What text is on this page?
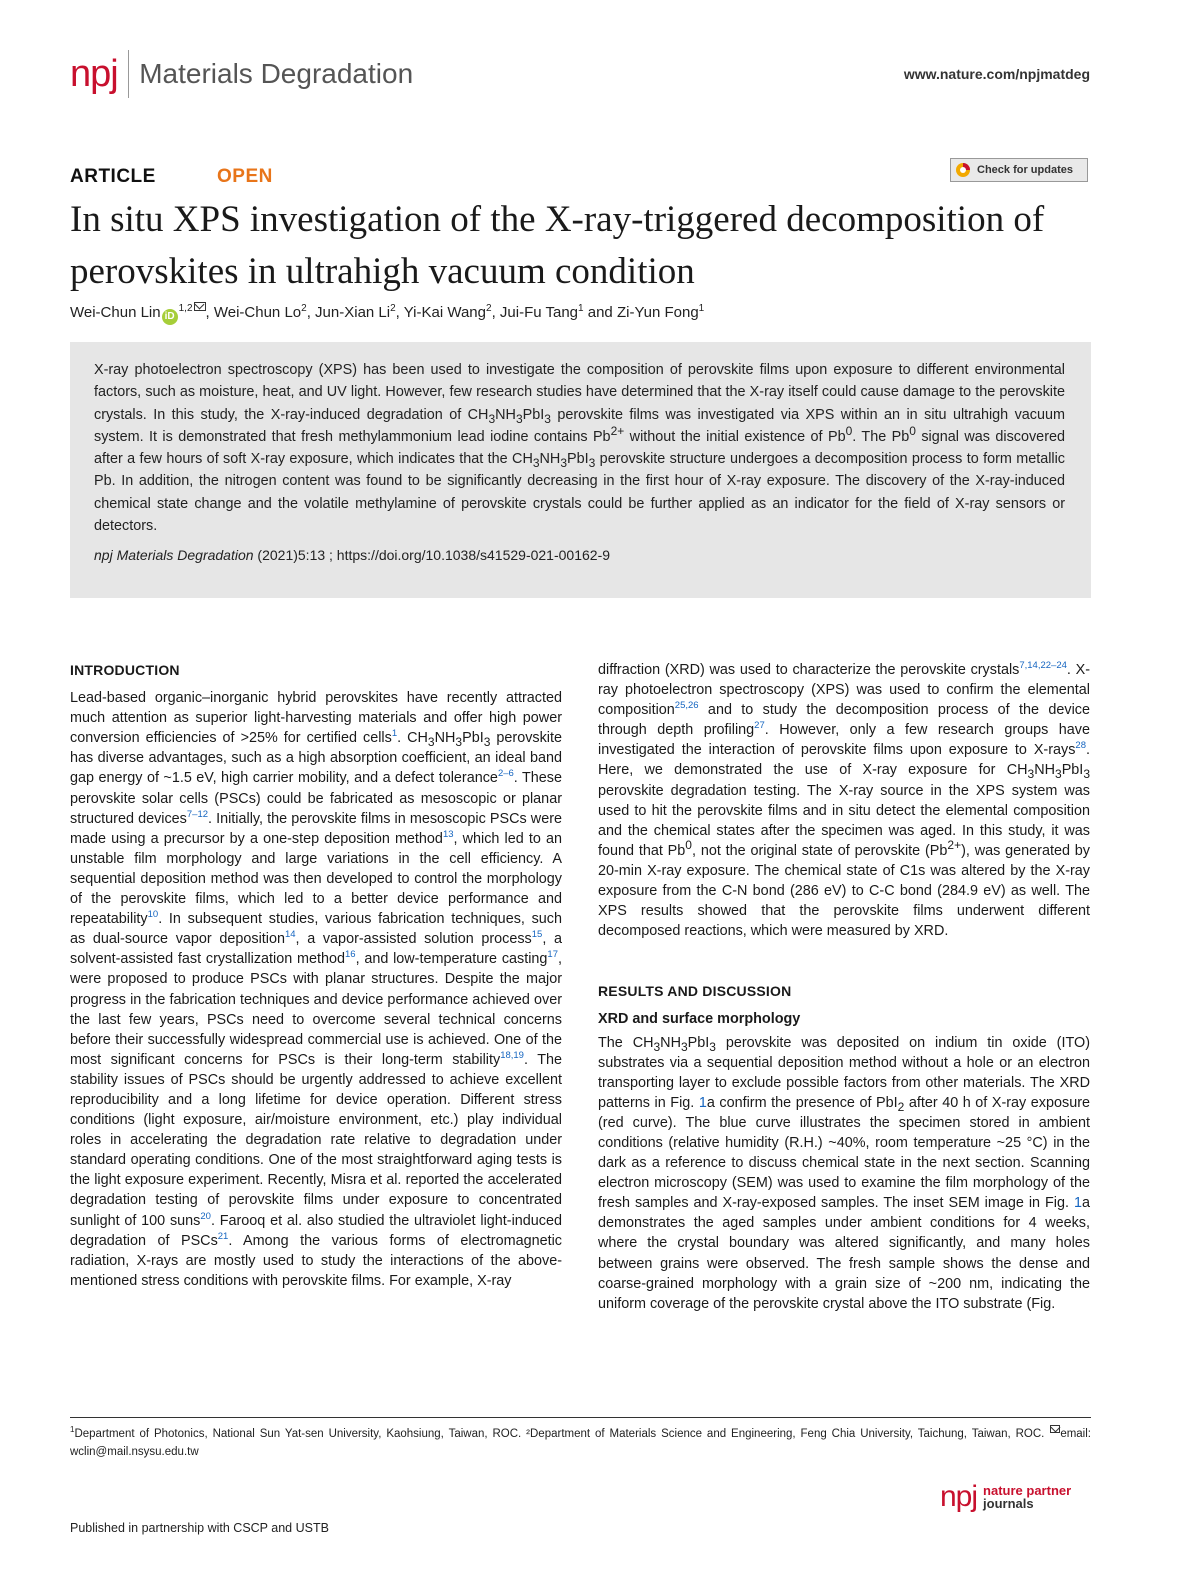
npj Materials Degradation	www.nature.com/npjmatdeg
ARTICLE	OPEN	Check for updates
In situ XPS investigation of the X-ray-triggered decomposition of perovskites in ultrahigh vacuum condition
Wei-Chun Lin iD$^{1,2}$ , Wei-Chun Lo$^2$, Jun-Xian Li$^2$, Yi-Kai Wang$^2$, Jui-Fu Tang$^1$ and Zi-Yun Fong$^1$

X-ray photoelectron spectroscopy (XPS) has been used to investigate the composition of perovskite films upon exposure to different environmental factors, such as moisture, heat, and UV light. However, few research studies have determined that the X-ray itself could cause damage to the perovskite crystals. In this study, the X-ray-induced degradation of $CH_3NH_3PbI_3$ perovskite films was investigated via XPS within an in situ ultrahigh vacuum system. It is demonstrated that fresh methylammonium lead iodine contains $Pb^{2+}$ without the initial existence of Pb$^0$. The Pb$^0$ signal was discovered after a few hours of soft X-ray exposure, which indicates that the $CH_3NH_3PbI_3$ perovskite structure undergoes a decomposition process to form metallic Pb. In addition, the nitrogen content was found to be significantly decreasing in the first hour of X-ray exposure. The discovery of the X-ray-induced chemical state change and the volatile methylamine of perovskite crystals could be further applied as an indicator for the field of X-ray sensors or detectors.

npj Materials Degradation (2021)5:13 ; https://doi.org/10.1038/s41529-021-00162-9
INTRODUCTION

Lead-based organic–inorganic hybrid perovskites have recently attracted much attention as superior light-harvesting materials and offer high power conversion efficiencies of >25% for certified cells$^1$. $CH_3NH_3PbI_3$ perovskite has diverse advantages, such as a high absorption coefficient, an ideal band gap energy of ~1.5 eV, high carrier mobility, and a defect tolerance$^{2-6}$. These perovskite solar cells (PSCs) could be fabricated as mesoscopic or planar structured devices$^{7-12}$. Initially, the perovskite films in mesoscopic PSCs were made using a precursor by a one-step deposition method$^{13}$, which led to an unstable film morphology and large variations in the cell efficiency. A sequential deposition method was then developed to control the morphology of the perovskite films, which led to a better device performance and repeatability$^{10}$. In subsequent studies, various fabrication techniques, such as dual-source vapor deposition$^{14}$, a vapor-assisted solution process$^{15}$, a solvent-assisted fast crystallization method$^{16}$, and low-temperature casting$^{17}$, were proposed to produce PSCs with planar structures. Despite the major progress in the fabrication techniques and device performance achieved over the last few years, PSCs need to overcome several technical concerns before their successfully widespread commercial use is achieved. One of the most significant concerns for PSCs is their long-term stability$^{18,19}$. The stability issues of PSCs should be urgently addressed to achieve excellent reproducibility and a long lifetime for device operation. Different stress conditions (light exposure, air/moisture environment, etc.) play individual roles in accelerating the degradation rate relative to degradation under standard operating conditions. One of the most straightforward aging tests is the light exposure experiment. Recently, Misra et al. reported the accelerated degradation testing of perovskite films under exposure to concentrated sunlight of 100 suns$^{20}$. Farooq et al. also studied the ultraviolet light-induced degradation of PSCs$^{21}$. Among the various forms of electromagnetic radiation, X-rays are mostly used to study the interactions of the above-mentioned stress conditions with perovskite films. For example, X-ray

diffraction (XRD) was used to characterize the perovskite crystals$^{7,14,22-24}$. X-ray photoelectron spectroscopy (XPS) was used to confirm the elemental composition$^{25,26}$ and to study the decomposition process of the device through depth profiling$^{27}$. However, only a few research groups have investigated the interaction of perovskite films upon exposure to X-rays$^{28}$. Here, we demonstrated the use of X-ray exposure for $CH_3NH_3PbI_3$ perovskite degradation testing. The X-ray source in the XPS system was used to hit the perovskite films and in situ detect the elemental composition and the chemical states after the specimen was aged. In this study, it was found that Pb$^0$, not the original state of perovskite $(Pb^{2+})$, was generated by 20-min X-ray exposure. The chemical state of C1s was altered by the X-ray exposure from the C-N bond (286 eV) to C-C bond (284.9 eV) as well. The XPS results showed that the perovskite films underwent different decomposed reactions, which were measured by XRD.

RESULTS AND DISCUSSION
XRD and surface morphology

The $CH_3NH_3PbI_3$ perovskite was deposited on indium tin oxide (ITO) substrates via a sequential deposition method without a hole or an electron transporting layer to exclude possible factors from other materials. The XRD patterns in Fig. 1a confirm the presence of PbI$_2$ after 40 h of X-ray exposure (red curve). The blue curve illustrates the specimen stored in ambient conditions (relative humidity (R.H.) ~40%, room temperature ~25 °C) in the dark as a reference to discuss chemical state in the next section. Scanning electron microscopy (SEM) was used to examine the film morphology of the fresh samples and X-ray-exposed samples. The inset SEM image in Fig. 1a demonstrates the aged samples under ambient conditions for 4 weeks, where the crystal boundary was altered significantly, and many holes between grains were observed. The fresh sample shows the dense and coarse-grained morphology with a grain size of ~200 nm, indicating the uniform coverage of the perovskite crystal above the ITO substrate (Fig.

$^1$Department of Photonics, National Sun Yat-sen University, Kaohsiung, Taiwan, ROC. ²Department of Materials Science and Engineering, Feng Chia University, Taichung, Taiwan, ROC. email: wclin@mail.nsysu.edu.tw
Published in partnership with CSCP and USTB
npj nature partner
journals
